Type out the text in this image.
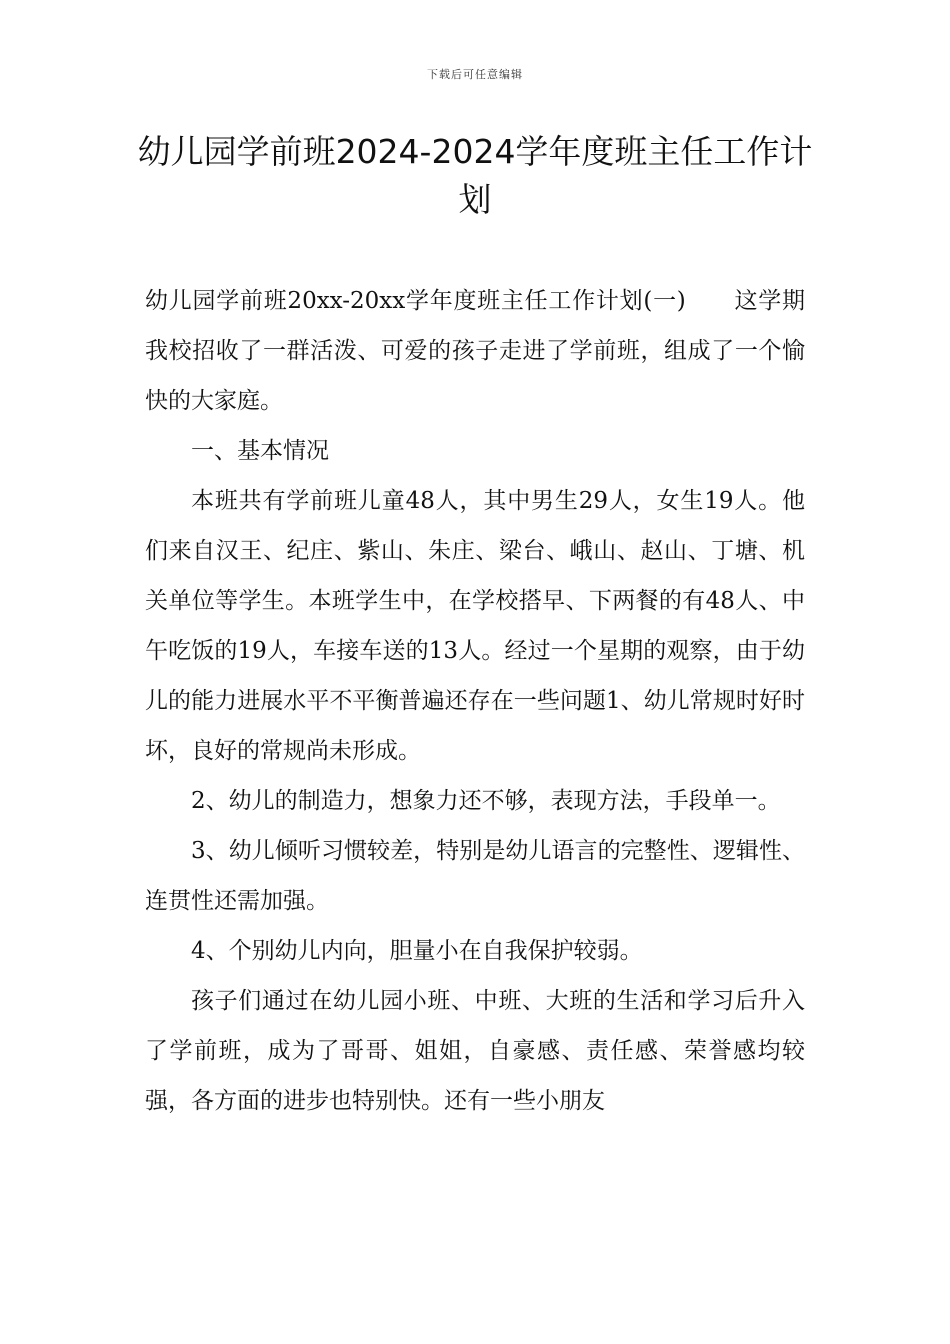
下载后可任意编辑
幼儿园学前班2024-2024学年度班主任工作计划

幼儿园学前班20xx-20xx学年度班主任工作计划(一) 这学期我校招收了一群活泼、可爱的孩子走进了学前班，组成了一个愉快的大家庭。

一、基本情况

本班共有学前班儿童48人，其中男生29人，女生19人。他们来自汉王、纪庄、紫山、朱庄、梁台、峨山、赵山、丁塘、机关单位等学生。本班学生中，在学校搭早、下两餐的有48人、中午吃饭的19人，车接车送的13人。经过一个星期的观察，由于幼儿的能力进展水平不平衡普遍还存在一些问题1、幼儿常规时好时坏，良好的常规尚未形成。

2、幼儿的制造力，想象力还不够，表现方法，手段单一。

3、幼儿倾听习惯较差，特别是幼儿语言的完整性、逻辑性、连贯性还需加强。

4、个别幼儿内向，胆量小在自我保护较弱。

孩子们通过在幼儿园小班、中班、大班的生活和学习后升入了学前班，成为了哥哥、姐姐，自豪感、责任感、荣誉感均较强，各方面的进步也特别快。还有一些小朋友
